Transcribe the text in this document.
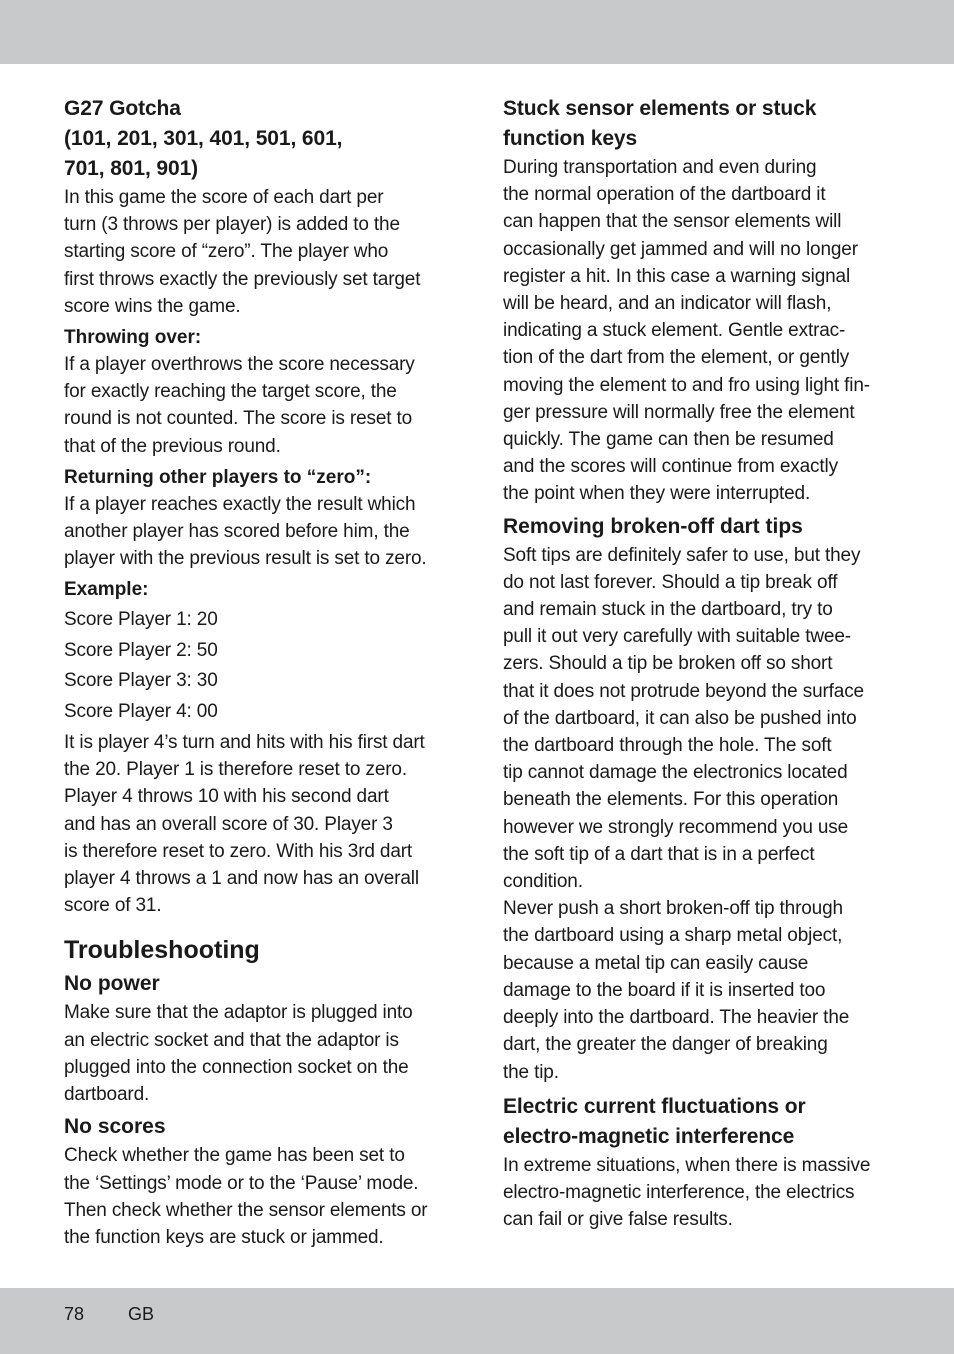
G27 Gotcha

(101, 201, 301, 401, 501, 601,

701, 801, 901)

In this game the score of each dart per

turn (3 throws per player) is added to the

starting score of “zero”. The player who

first throws exactly the previously set target

score wins the game.

Throwing over:

If a player overthrows the score necessary

for exactly reaching the target score, the

round is not counted. The score is reset to

that of the previous round.

Returning other players to “zero”:

If a player reaches exactly the result which

another player has scored before him, the

player with the previous result is set to zero.

Example:

Score Player 1: 20

Score Player 2: 50

Score Player 3: 30

Score Player 4: 00

It is player 4’s turn and hits with his first dart

the 20. Player 1 is therefore reset to zero.

Player 4 throws 10 with his second dart

and has an overall score of 30. Player 3

is therefore reset to zero. With his 3rd dart

player 4 throws a 1 and now has an overall

score of 31.

Troubleshooting

No power

Make sure that the adaptor is plugged into

an electric socket and that the adaptor is

plugged into the connection socket on the

dartboard.

No scores

Check whether the game has been set to

the ‘Settings’ mode or to the ‘Pause’ mode.

Then check whether the sensor elements or

the function keys are stuck or jammed.

Stuck sensor elements or stuck

function keys

During transportation and even during

the normal operation of the dartboard it

can happen that the sensor elements will

occasionally get jammed and will no longer

register a hit. In this case a warning signal

will be heard, and an indicator will flash,

indicating a stuck element. Gentle extrac-

tion of the dart from the element, or gently

moving the element to and fro using light fin-

ger pressure will normally free the element

quickly. The game can then be resumed

and the scores will continue from exactly

the point when they were interrupted.

Removing broken-off dart tips

Soft tips are definitely safer to use, but they

do not last forever. Should a tip break off

and remain stuck in the dartboard, try to

pull it out very carefully with suitable twee-

zers. Should a tip be broken off so short

that it does not protrude beyond the surface

of the dartboard, it can also be pushed into

the dartboard through the hole. The soft

tip cannot damage the electronics located

beneath the elements. For this operation

however we strongly recommend you use

the soft tip of a dart that is in a perfect

condition.

Never push a short broken-off tip through

the dartboard using a sharp metal object,

because a metal tip can easily cause

damage to the board if it is inserted too

deeply into the dartboard. The heavier the

dart, the greater the danger of breaking

the tip.

Electric current fluctuations or

electro-magnetic interference

In extreme situations, when there is massive

electro-magnetic interference, the electrics

can fail or give false results.

78 GB
